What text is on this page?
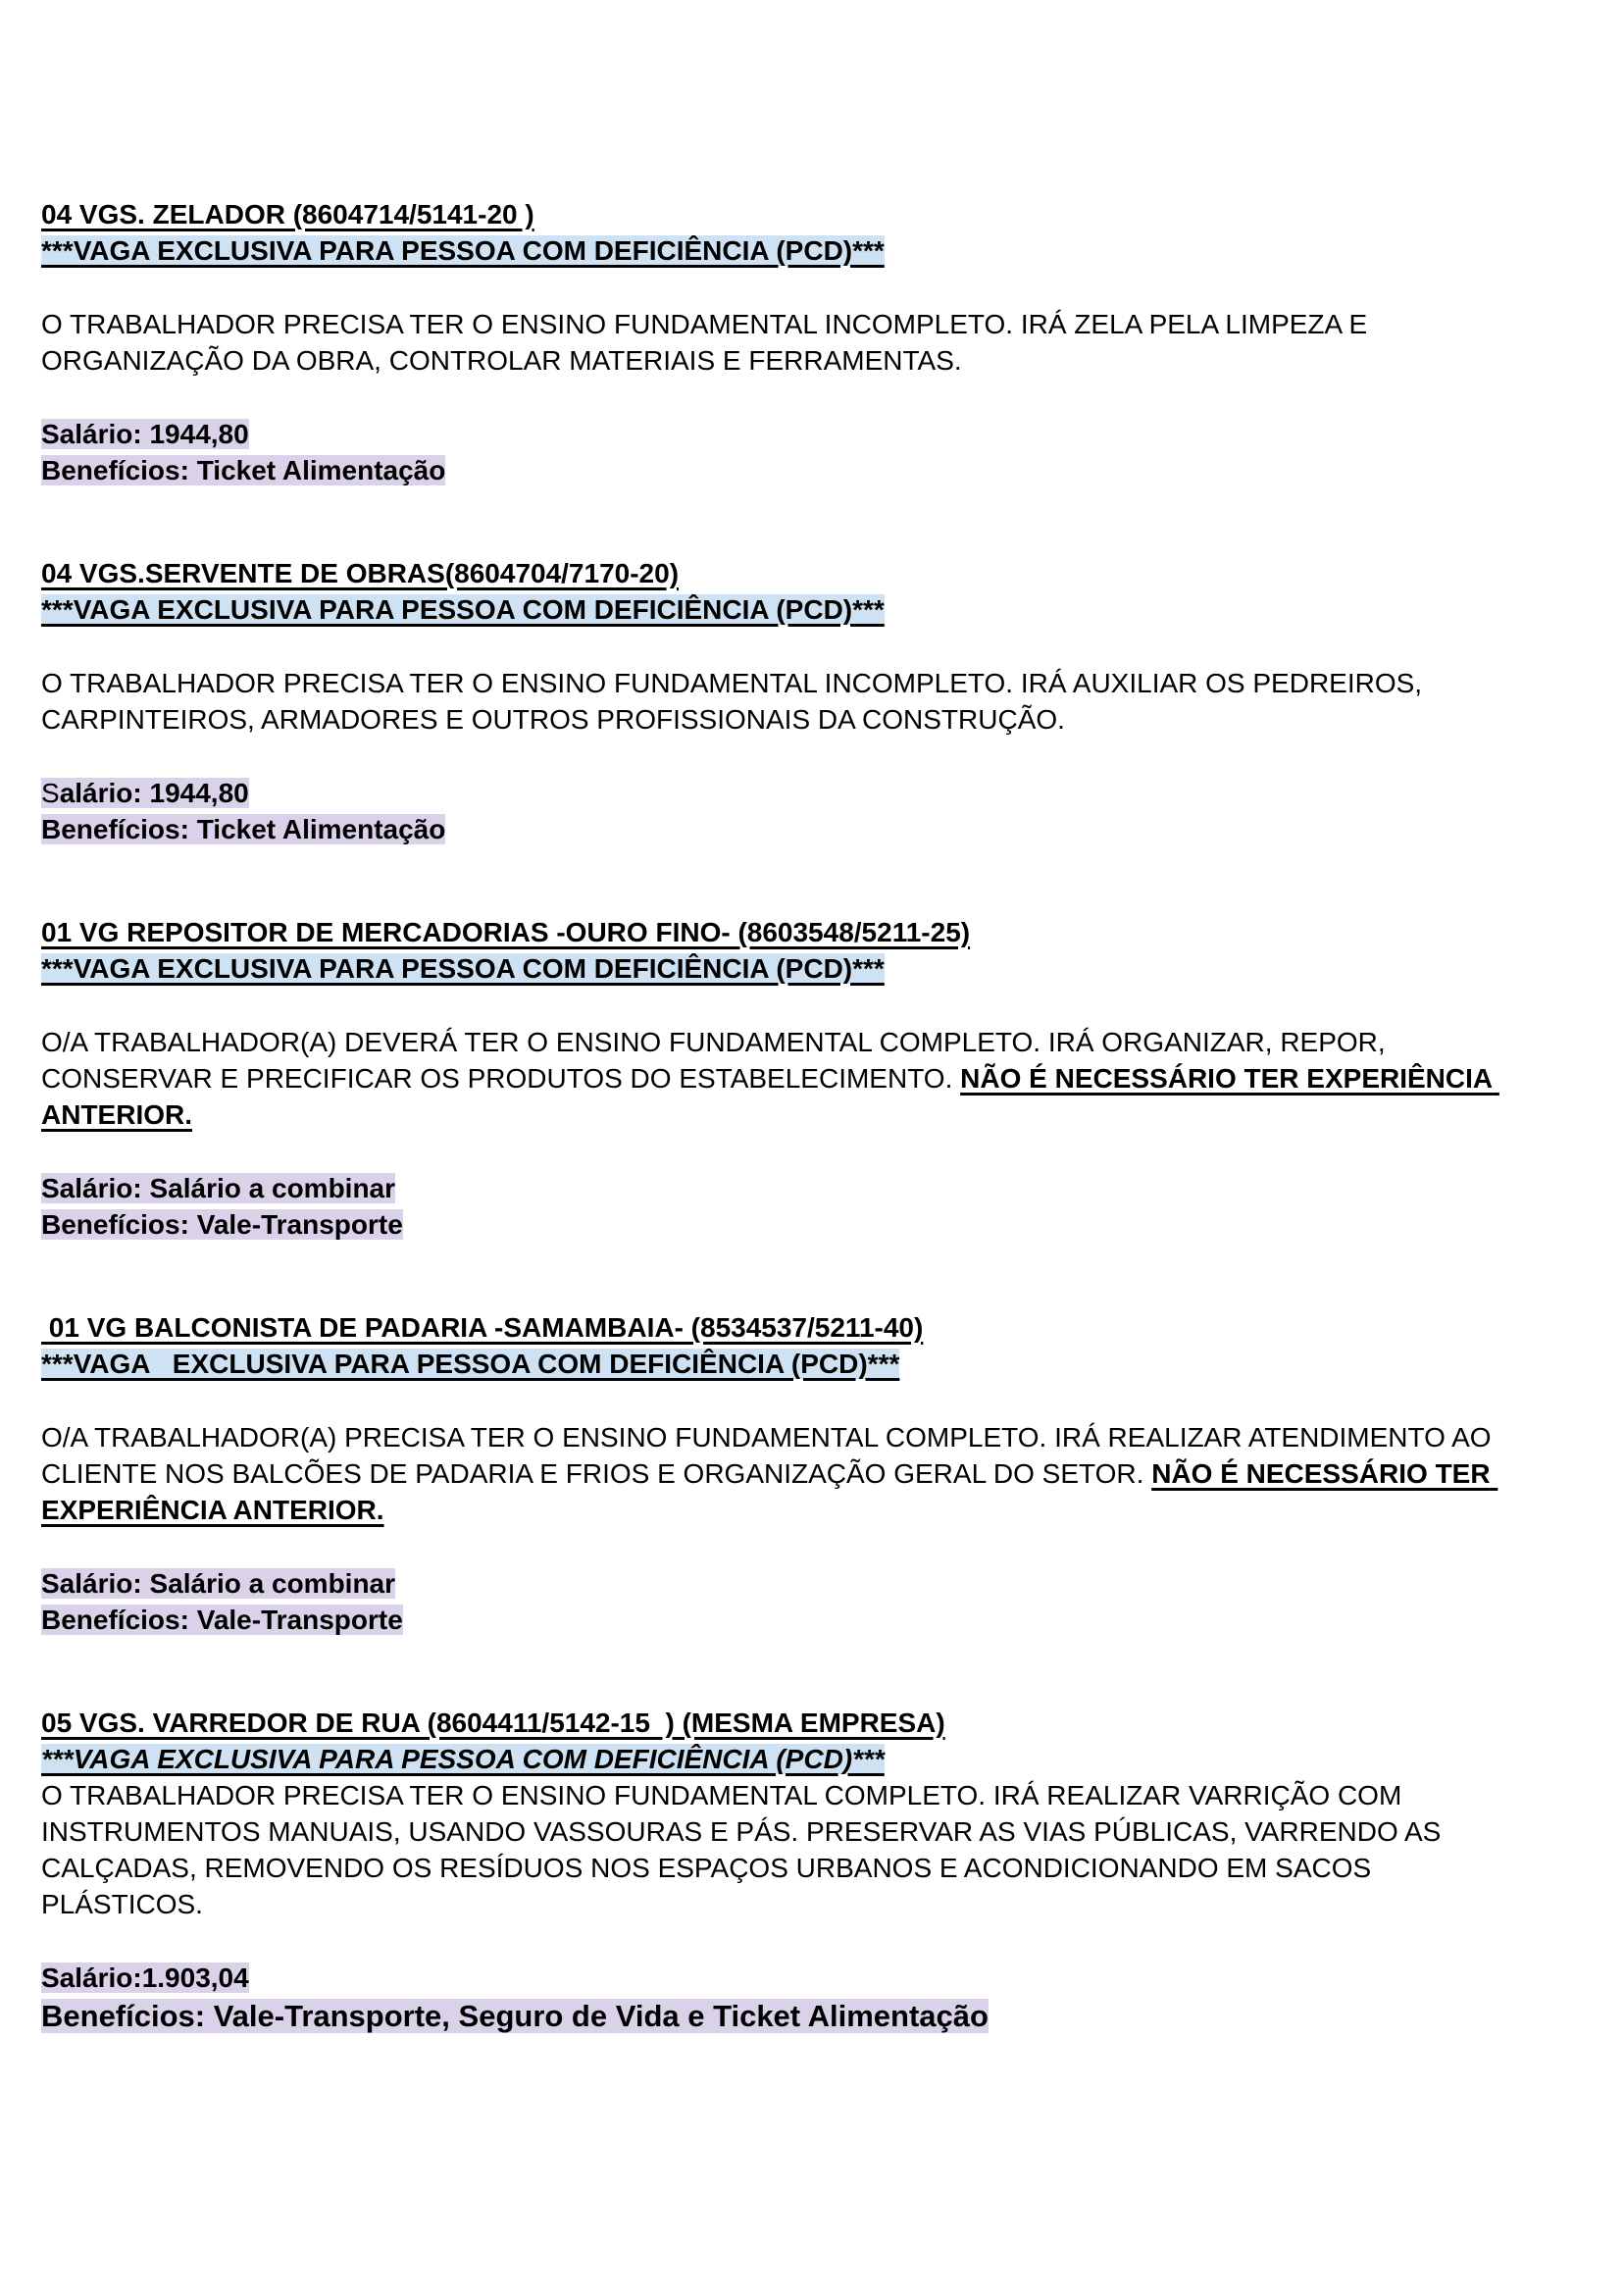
04 VGS. ZELADOR (8604714/5141-20 )
***VAGA EXCLUSIVA PARA PESSOA COM DEFICIÊNCIA (PCD)***

O TRABALHADOR PRECISA TER O ENSINO FUNDAMENTAL INCOMPLETO. IRÁ ZELA PELA LIMPEZA E ORGANIZAÇÃO DA OBRA, CONTROLAR MATERIAIS E FERRAMENTAS.

Salário: 1944,80
Benefícios: Ticket Alimentação
04 VGS.SERVENTE DE OBRAS(8604704/7170-20)
***VAGA EXCLUSIVA PARA PESSOA COM DEFICIÊNCIA (PCD)***

O TRABALHADOR PRECISA TER O ENSINO FUNDAMENTAL INCOMPLETO. IRÁ AUXILIAR OS PEDREIROS, CARPINTEIROS, ARMADORES E OUTROS PROFISSIONAIS DA CONSTRUÇÃO.

Salário: 1944,80
Benefícios: Ticket Alimentação
01 VG REPOSITOR DE MERCADORIAS -OURO FINO- (8603548/5211-25)
***VAGA EXCLUSIVA PARA PESSOA COM DEFICIÊNCIA (PCD)***

O/A TRABALHADOR(A) DEVERÁ TER O ENSINO FUNDAMENTAL COMPLETO. IRÁ ORGANIZAR, REPOR, CONSERVAR E PRECIFICAR OS PRODUTOS DO ESTABELECIMENTO. NÃO É NECESSÁRIO TER EXPERIÊNCIA ANTERIOR.

Salário: Salário a combinar
Benefícios: Vale-Transporte
01 VG BALCONISTA DE PADARIA -SAMAMBAIA- (8534537/5211-40)
***VAGA   EXCLUSIVA PARA PESSOA COM DEFICIÊNCIA (PCD)***

O/A TRABALHADOR(A) PRECISA TER O ENSINO FUNDAMENTAL COMPLETO. IRÁ REALIZAR ATENDIMENTO AO CLIENTE NOS BALCÕES DE PADARIA E FRIOS E ORGANIZAÇÃO GERAL DO SETOR. NÃO É NECESSÁRIO TER EXPERIÊNCIA ANTERIOR.

Salário: Salário a combinar
Benefícios: Vale-Transporte
05 VGS. VARREDOR DE RUA (8604411/5142-15  ) (MESMA EMPRESA)
***VAGA EXCLUSIVA PARA PESSOA COM DEFICIÊNCIA (PCD)***

O TRABALHADOR PRECISA TER O ENSINO FUNDAMENTAL COMPLETO. IRÁ REALIZAR VARRIÇÃO COM INSTRUMENTOS MANUAIS, USANDO VASSOURAS E PÁS. PRESERVAR AS VIAS PÚBLICAS, VARRENDO AS CALÇADAS, REMOVENDO OS RESÍDUOS NOS ESPAÇOS URBANOS E ACONDICIONANDO EM SACOS PLÁSTICOS.

Salário:1.903,04
Benefícios: Vale-Transporte, Seguro de Vida e Ticket Alimentação
